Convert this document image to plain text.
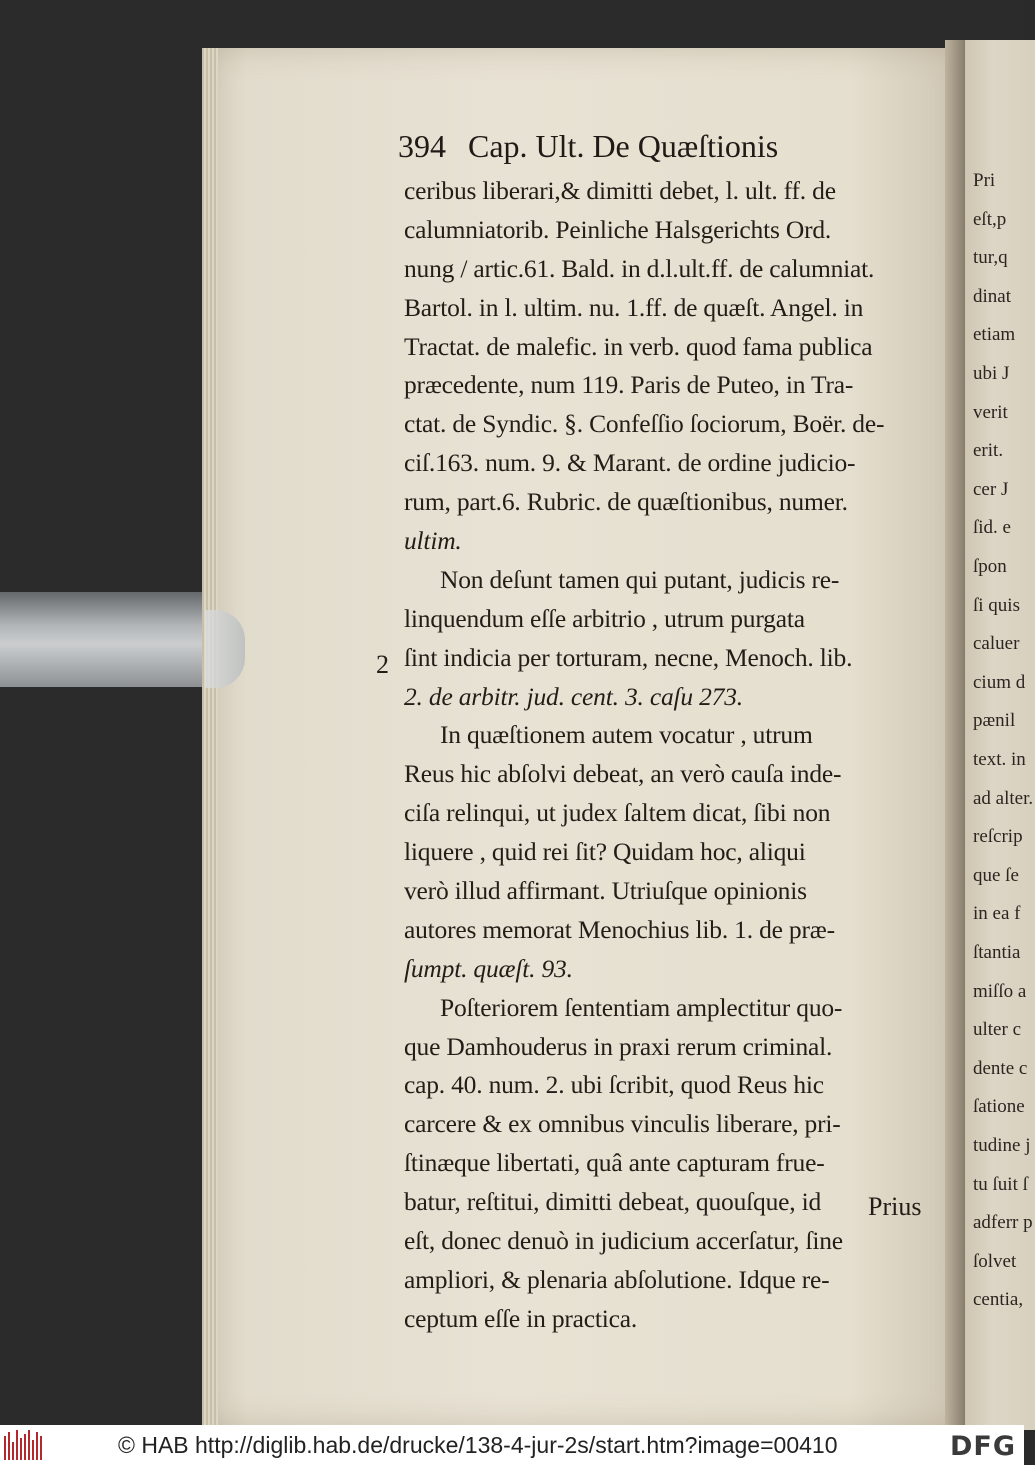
Pri
eſt,p
tur,q
dinat
etiam
ubi J
verit
erit.
cer J
ſid. e
ſpon
ſi quis
caluer
cium d
pænil
text. in
ad alter.
reſcrip
que ſe
in ea f
ſtantia
miſſo a
ulter c
dente c
ſatione
tudine j
tu ſuit ſ
adferr p
ſolvet
centia,
394 Cap. Ult. De Quæſtionis
ceribus liberari,& dimitti debet, l. ult. ff. de
calumniatorib. Peinliche Halsgerichts Ord.
nung / artic.61. Bald. in d.l.ult.ff. de calumniat.
Bartol. in l. ultim. nu. 1.ff. de quæſt. Angel. in
Tractat. de malefic. in verb. quod fama publica
præcedente, num 119. Paris de Puteo, in Tra-
ctat. de Syndic. §. Confeſſio ſociorum, Boër. de-
ciſ.163. num. 9. & Marant. de ordine judicio-
rum, part.6. Rubric. de quæſtionibus, numer.
ultim.
Non deſunt tamen qui putant, judicis re-
linquendum eſſe arbitrio , utrum purgata
ſint indicia per torturam, necne, Menoch. lib.
2. de arbitr. jud. cent. 3. caſu 273.
In quæſtionem autem vocatur , utrum
Reus hic abſolvi debeat, an verò cauſa inde-
ciſa relinqui, ut judex ſaltem dicat, ſibi non
liquere , quid rei ſit? Quidam hoc, aliqui
verò illud affirmant. Utriuſque opinionis
autores memorat Menochius lib. 1. de præ-
ſumpt. quæſt. 93.
Poſteriorem ſententiam amplectitur quo-
que Damhouderus in praxi rerum criminal.
cap. 40. num. 2. ubi ſcribit, quod Reus hic
carcere & ex omnibus vinculis liberare, pri-
ſtinæque libertati, quâ ante capturam frue-
batur, reſtitui, dimitti debeat, quouſque, id
eſt, donec denuò in judicium accerſatur, ſine
ampliori, & plenaria abſolutione. Idque re-
ceptum eſſe in practica.
2
Prius
© HAB http://diglib.hab.de/drucke/138-4-jur-2s/start.htm?image=00410	DFG
